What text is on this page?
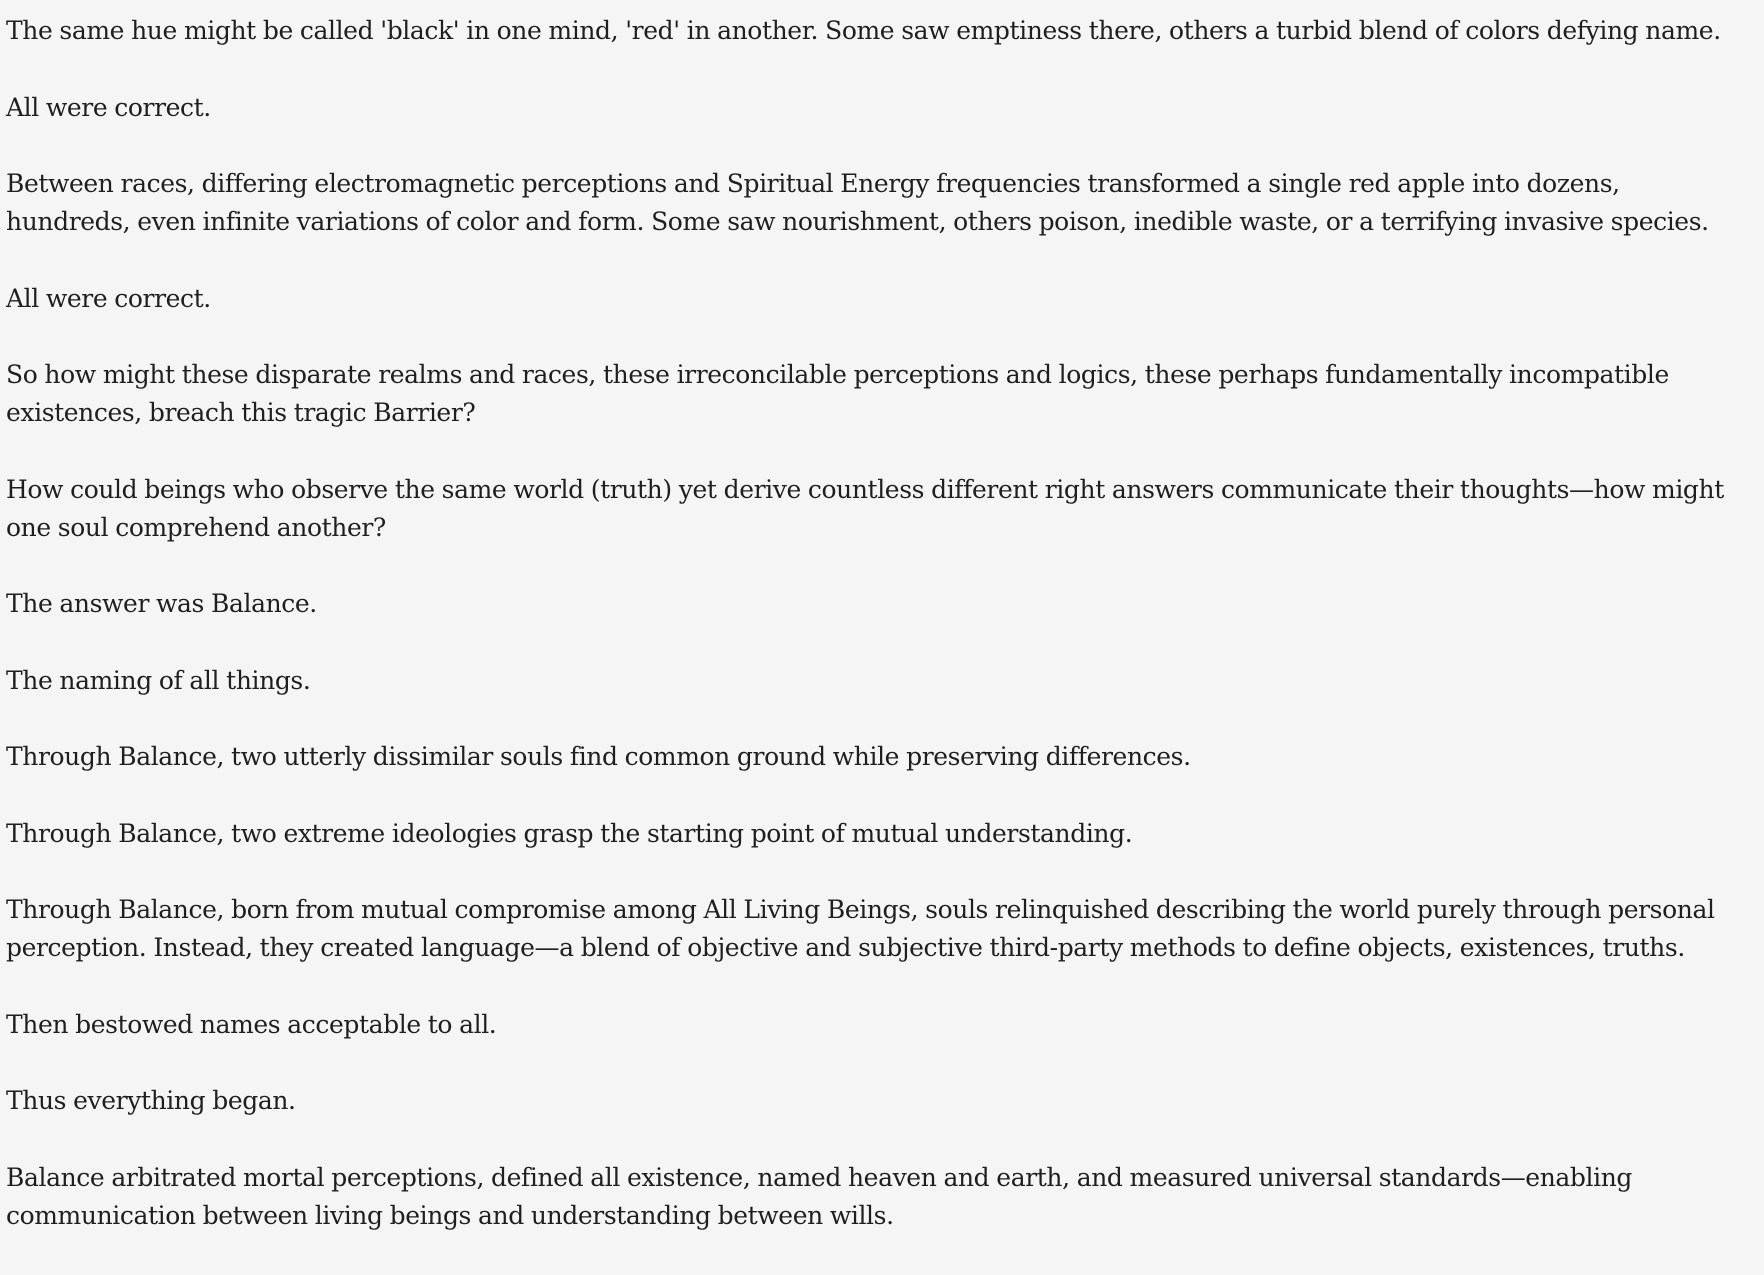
The same hue might be called 'black' in one mind, 'red' in another. Some saw emptiness there, others a turbid blend of colors defying name.

All were correct.

Between races, differing electromagnetic perceptions and Spiritual Energy frequencies transformed a single red apple into dozens, hundreds, even infinite variations of color and form. Some saw nourishment, others poison, inedible waste, or a terrifying invasive species.

All were correct.

So how might these disparate realms and races, these irreconcilable perceptions and logics, these perhaps fundamentally incompatible existences, breach this tragic Barrier?

How could beings who observe the same world (truth) yet derive countless different right answers communicate their thoughts—how might one soul comprehend another?

The answer was Balance.

The naming of all things.

Through Balance, two utterly dissimilar souls find common ground while preserving differences.

Through Balance, two extreme ideologies grasp the starting point of mutual understanding.

Through Balance, born from mutual compromise among All Living Beings, souls relinquished describing the world purely through personal perception. Instead, they created language—a blend of objective and subjective third-party methods to define objects, existences, truths.

Then bestowed names acceptable to all.

Thus everything began.

Balance arbitrated mortal perceptions, defined all existence, named heaven and earth, and measured universal standards—enabling communication between living beings and understanding between wills.
